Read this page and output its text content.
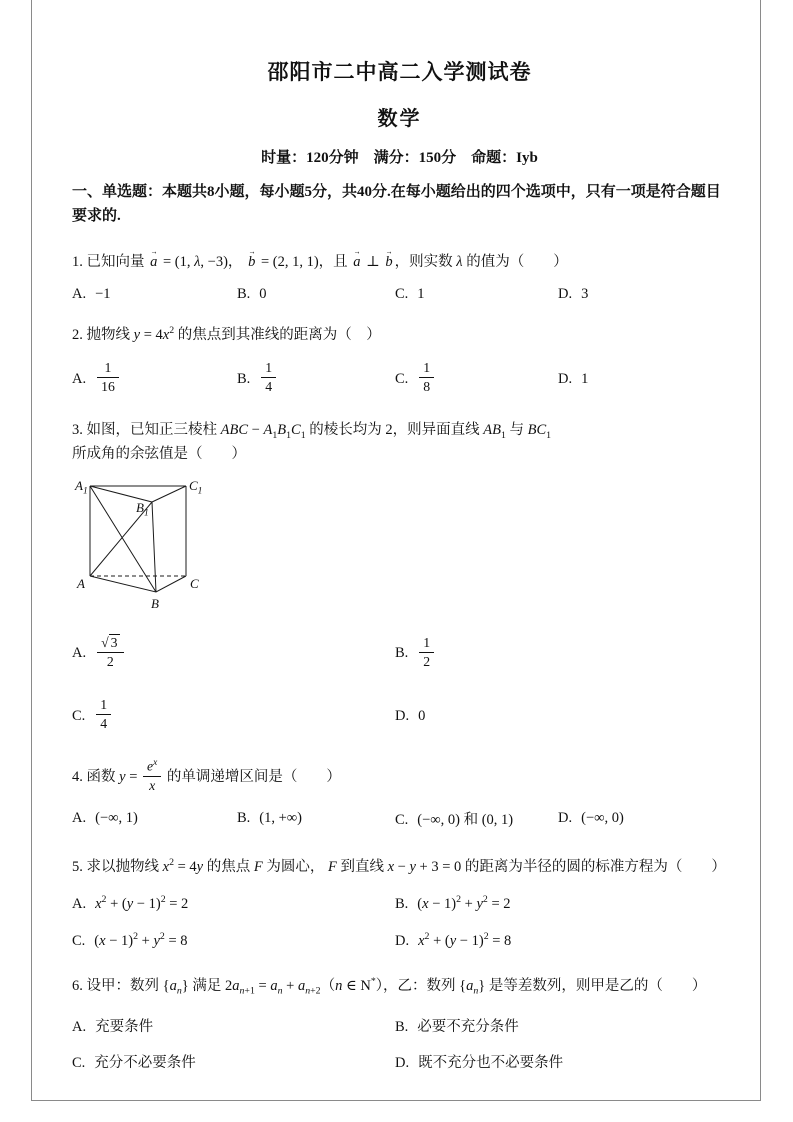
邵阳市二中高二入学测试卷
数学
时量：120分钟　满分：150分　命题：Iyb
一、单选题：本题共8小题，每小题5分，共40分.在每小题给出的四个选项中，只有一项是符合题目要求的.

1. 已知向量 → a = (1, λ, −3)， → b = (2, 1, 1)，且 → a ⊥ → b ，则实数 λ 的值为（　　）

A. −1	B. 0	C. 1	D. 3

2. 抛物线 $y = 4x^2$ 的焦点到其准线的距离为（　）

A. $\frac{1}{16}$	B. $\frac{1}{4}$	C. $\frac{1}{8}$	D. 1

3. 如图，已知正三棱柱 ABC − $A_1B_1C_1$ 的棱长均为 2，则异面直线 $AB_1$ 与 $BC_1$ 所成角的余弦值是（　　）

$A_1$	$C_1$
$B_1$
A	C
B
A. $\frac{√ 3}{2}$	B. $\frac{1}{2}$
C. $\frac{1}{4}$	D. 0

4. 函数 $y = \frac{e^x}{x}$ 的单调递增区间是（　　）

A. (−∞, 1)	B. (1, +∞)	C. (−∞, 0) 和 (0, 1)	D. (−∞, 0)

5. 求以抛物线 $x^2 = 4y$ 的焦点 F 为圆心， F 到直线 x − y + 3 = 0 的距离为半径的圆的标准方程为（　　）

A. $x^2 + (y - 1)^2 = 2$	B. $(x - 1)^2 + y^2 = 2$
C. $(x - 1)^2 + y^2 = 8$	D. $x^2 + (y - 1)^2 = 8$

6. 设甲：数列 $\{a_n\}$ 满足 $2a_{n+1} = a_n + a_{n+2}(n$ ∈ N*），乙：数列 $\{a_n\}$ 是等差数列，则甲是乙的（　　）

A. 充要条件	B. 必要不充分条件
C. 充分不必要条件	D. 既不充分也不必要条件
